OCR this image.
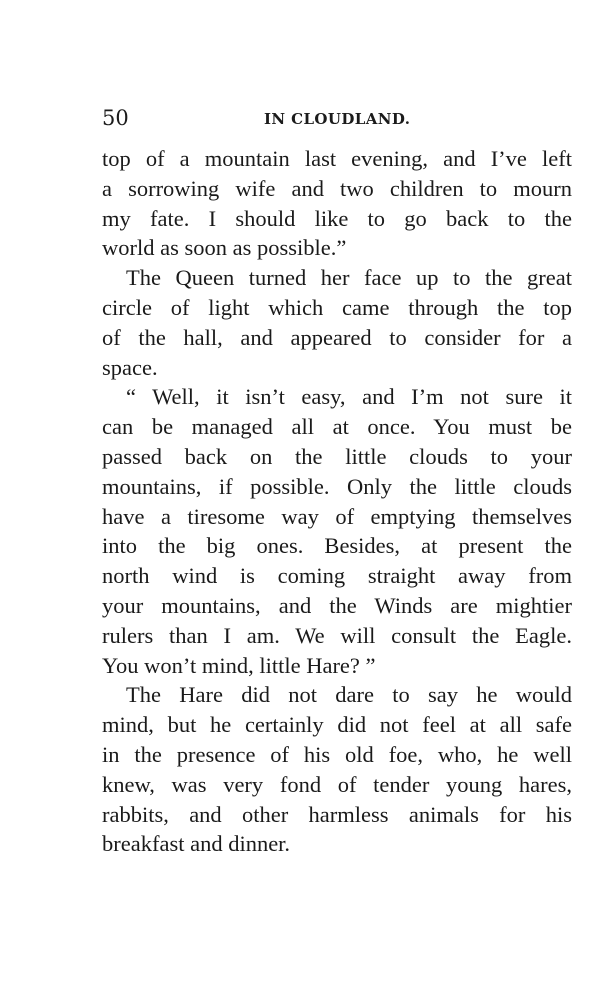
50	IN CLOUDLAND.
top of a mountain last evening, and I’ve left
a sorrowing wife and two children to mourn
my fate. I should like to go back to the
world as soon as possible.”
The Queen turned her face up to the great
circle of light which came through the top
of the hall, and appeared to consider for a
space.
“ Well, it isn’t easy, and I’m not sure it
can be managed all at once. You must be
passed back on the little clouds to your
mountains, if possible. Only the little clouds
have a tiresome way of emptying themselves
into the big ones. Besides, at present the
north wind is coming straight away from
your mountains, and the Winds are mightier
rulers than I am. We will consult the Eagle.
You won’t mind, little Hare? ”
The Hare did not dare to say he would
mind, but he certainly did not feel at all safe
in the presence of his old foe, who, he well
knew, was very fond of tender young hares,
rabbits, and other harmless animals for his
breakfast and dinner.
